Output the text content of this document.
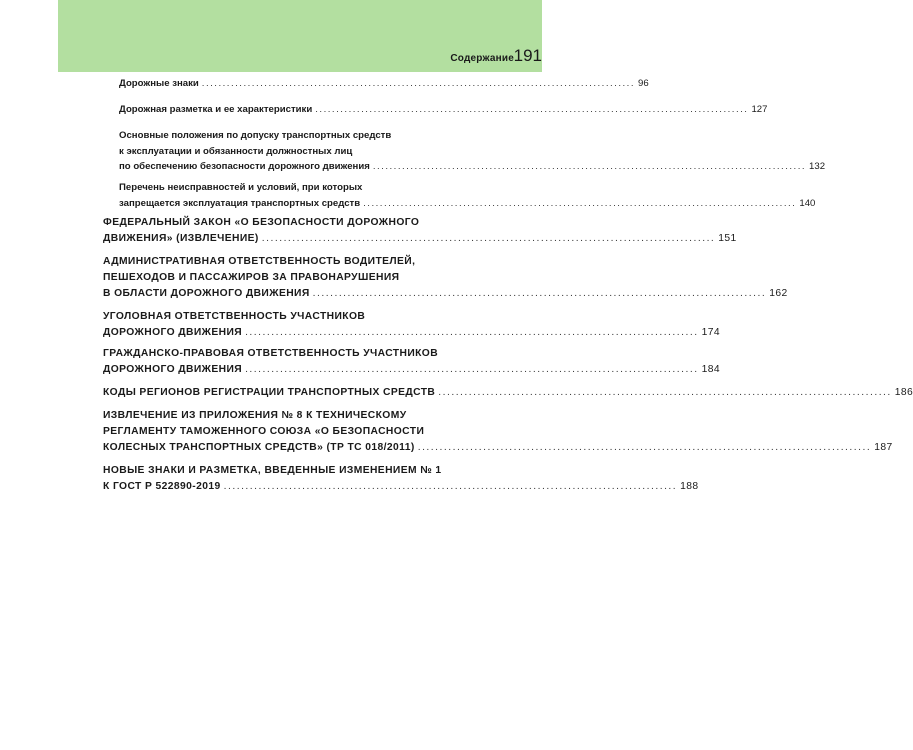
Содержание 191
Дорожные знаки ........................................................................................................ 96
Дорожная разметка и ее характеристики ........................................................................................................ 127
Основные положения по допуску транспортных средств
к эксплуатации и обязанности должностных лиц
по обеспечению безопасности дорожного движения ........................................................................................................ 132
Перечень неисправностей и условий, при которых
запрещается эксплуатация транспортных средств ........................................................................................................ 140
ФЕДЕРАЛЬНЫЙ ЗАКОН «О БЕЗОПАСНОСТИ ДОРОЖНОГО
ДВИЖЕНИЯ» (ИЗВЛЕЧЕНИЕ) ........................................................................................................ 151
АДМИНИСТРАТИВНАЯ ОТВЕТСТВЕННОСТЬ ВОДИТЕЛЕЙ,
ПЕШЕХОДОВ И ПАССАЖИРОВ ЗА ПРАВОНАРУШЕНИЯ
В ОБЛАСТИ ДОРОЖНОГО ДВИЖЕНИЯ ........................................................................................................ 162
УГОЛОВНАЯ ОТВЕТСТВЕННОСТЬ УЧАСТНИКОВ
ДОРОЖНОГО ДВИЖЕНИЯ ........................................................................................................ 174
ГРАЖДАНСКО-ПРАВОВАЯ ОТВЕТСТВЕННОСТЬ УЧАСТНИКОВ
ДОРОЖНОГО ДВИЖЕНИЯ ........................................................................................................ 184
КОДЫ РЕГИОНОВ РЕГИСТРАЦИИ ТРАНСПОРТНЫХ СРЕДСТВ ........................................................................................................ 186
ИЗВЛЕЧЕНИЕ ИЗ ПРИЛОЖЕНИЯ № 8 К ТЕХНИЧЕСКОМУ
РЕГЛАМЕНТУ ТАМОЖЕННОГО СОЮЗА «О БЕЗОПАСНОСТИ
КОЛЕСНЫХ ТРАНСПОРТНЫХ СРЕДСТВ» (ТР ТС 018/2011) ........................................................................................................ 187
НОВЫЕ ЗНАКИ И РАЗМЕТКА, ВВЕДЕННЫЕ ИЗМЕНЕНИЕМ № 1
К ГОСТ Р 522890-2019 ........................................................................................................ 188
